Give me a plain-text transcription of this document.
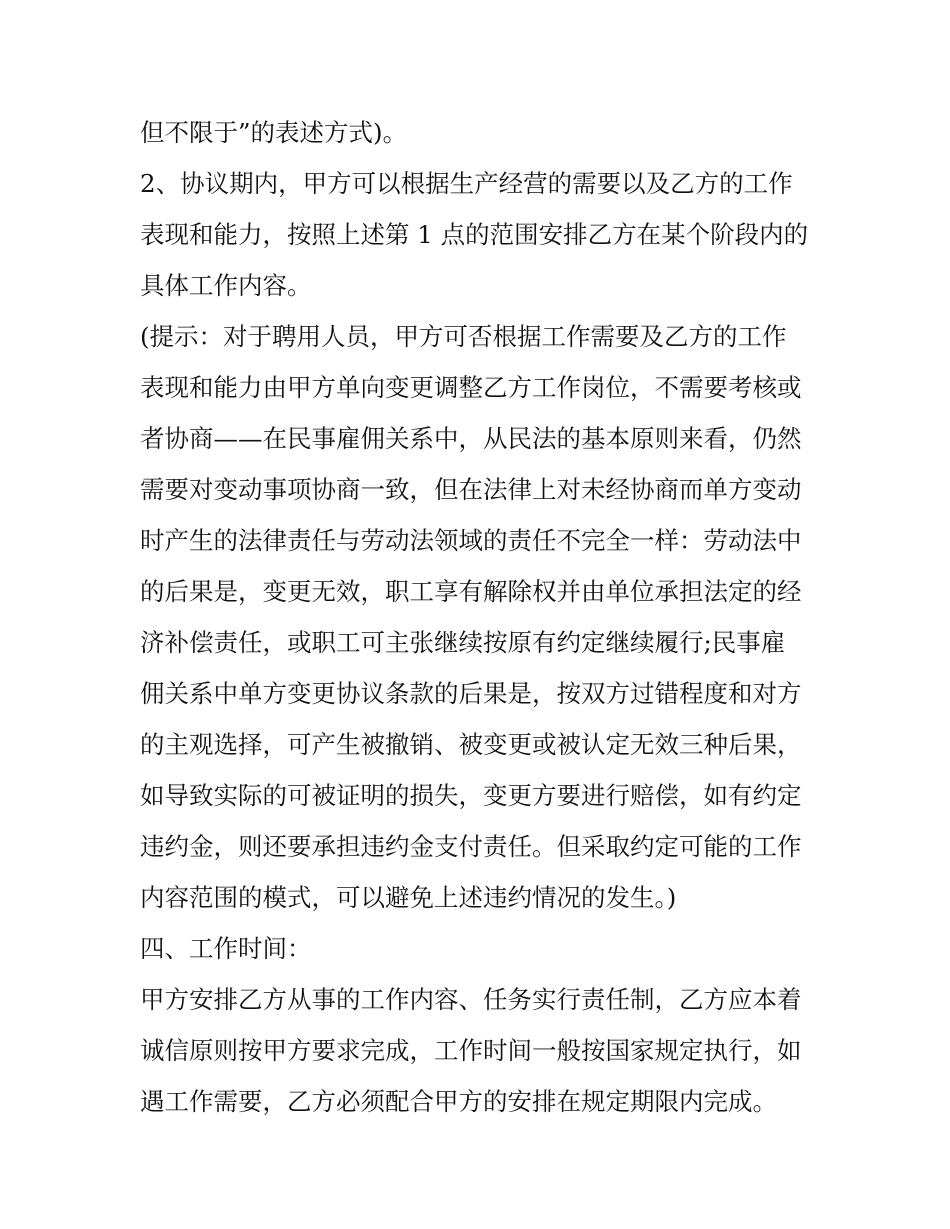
但不限于”的表述方式)。
2、协议期内，甲方可以根据生产经营的需要以及乙方的工作
表现和能力，按照上述第 1 点的范围安排乙方在某个阶段内的
具体工作内容。
(提示：对于聘用人员，甲方可否根据工作需要及乙方的工作
表现和能力由甲方单向变更调整乙方工作岗位，不需要考核或
者协商——在民事雇佣关系中，从民法的基本原则来看，仍然
需要对变动事项协商一致，但在法律上对未经协商而单方变动
时产生的法律责任与劳动法领域的责任不完全一样：劳动法中
的后果是，变更无效，职工享有解除权并由单位承担法定的经
济补偿责任，或职工可主张继续按原有约定继续履行;民事雇
佣关系中单方变更协议条款的后果是，按双方过错程度和对方
的主观选择，可产生被撤销、被变更或被认定无效三种后果，
如导致实际的可被证明的损失，变更方要进行赔偿，如有约定
违约金，则还要承担违约金支付责任。但采取约定可能的工作
内容范围的模式，可以避免上述违约情况的发生。)
四、工作时间：
甲方安排乙方从事的工作内容、任务实行责任制，乙方应本着
诚信原则按甲方要求完成，工作时间一般按国家规定执行，如
遇工作需要，乙方必须配合甲方的安排在规定期限内完成。
